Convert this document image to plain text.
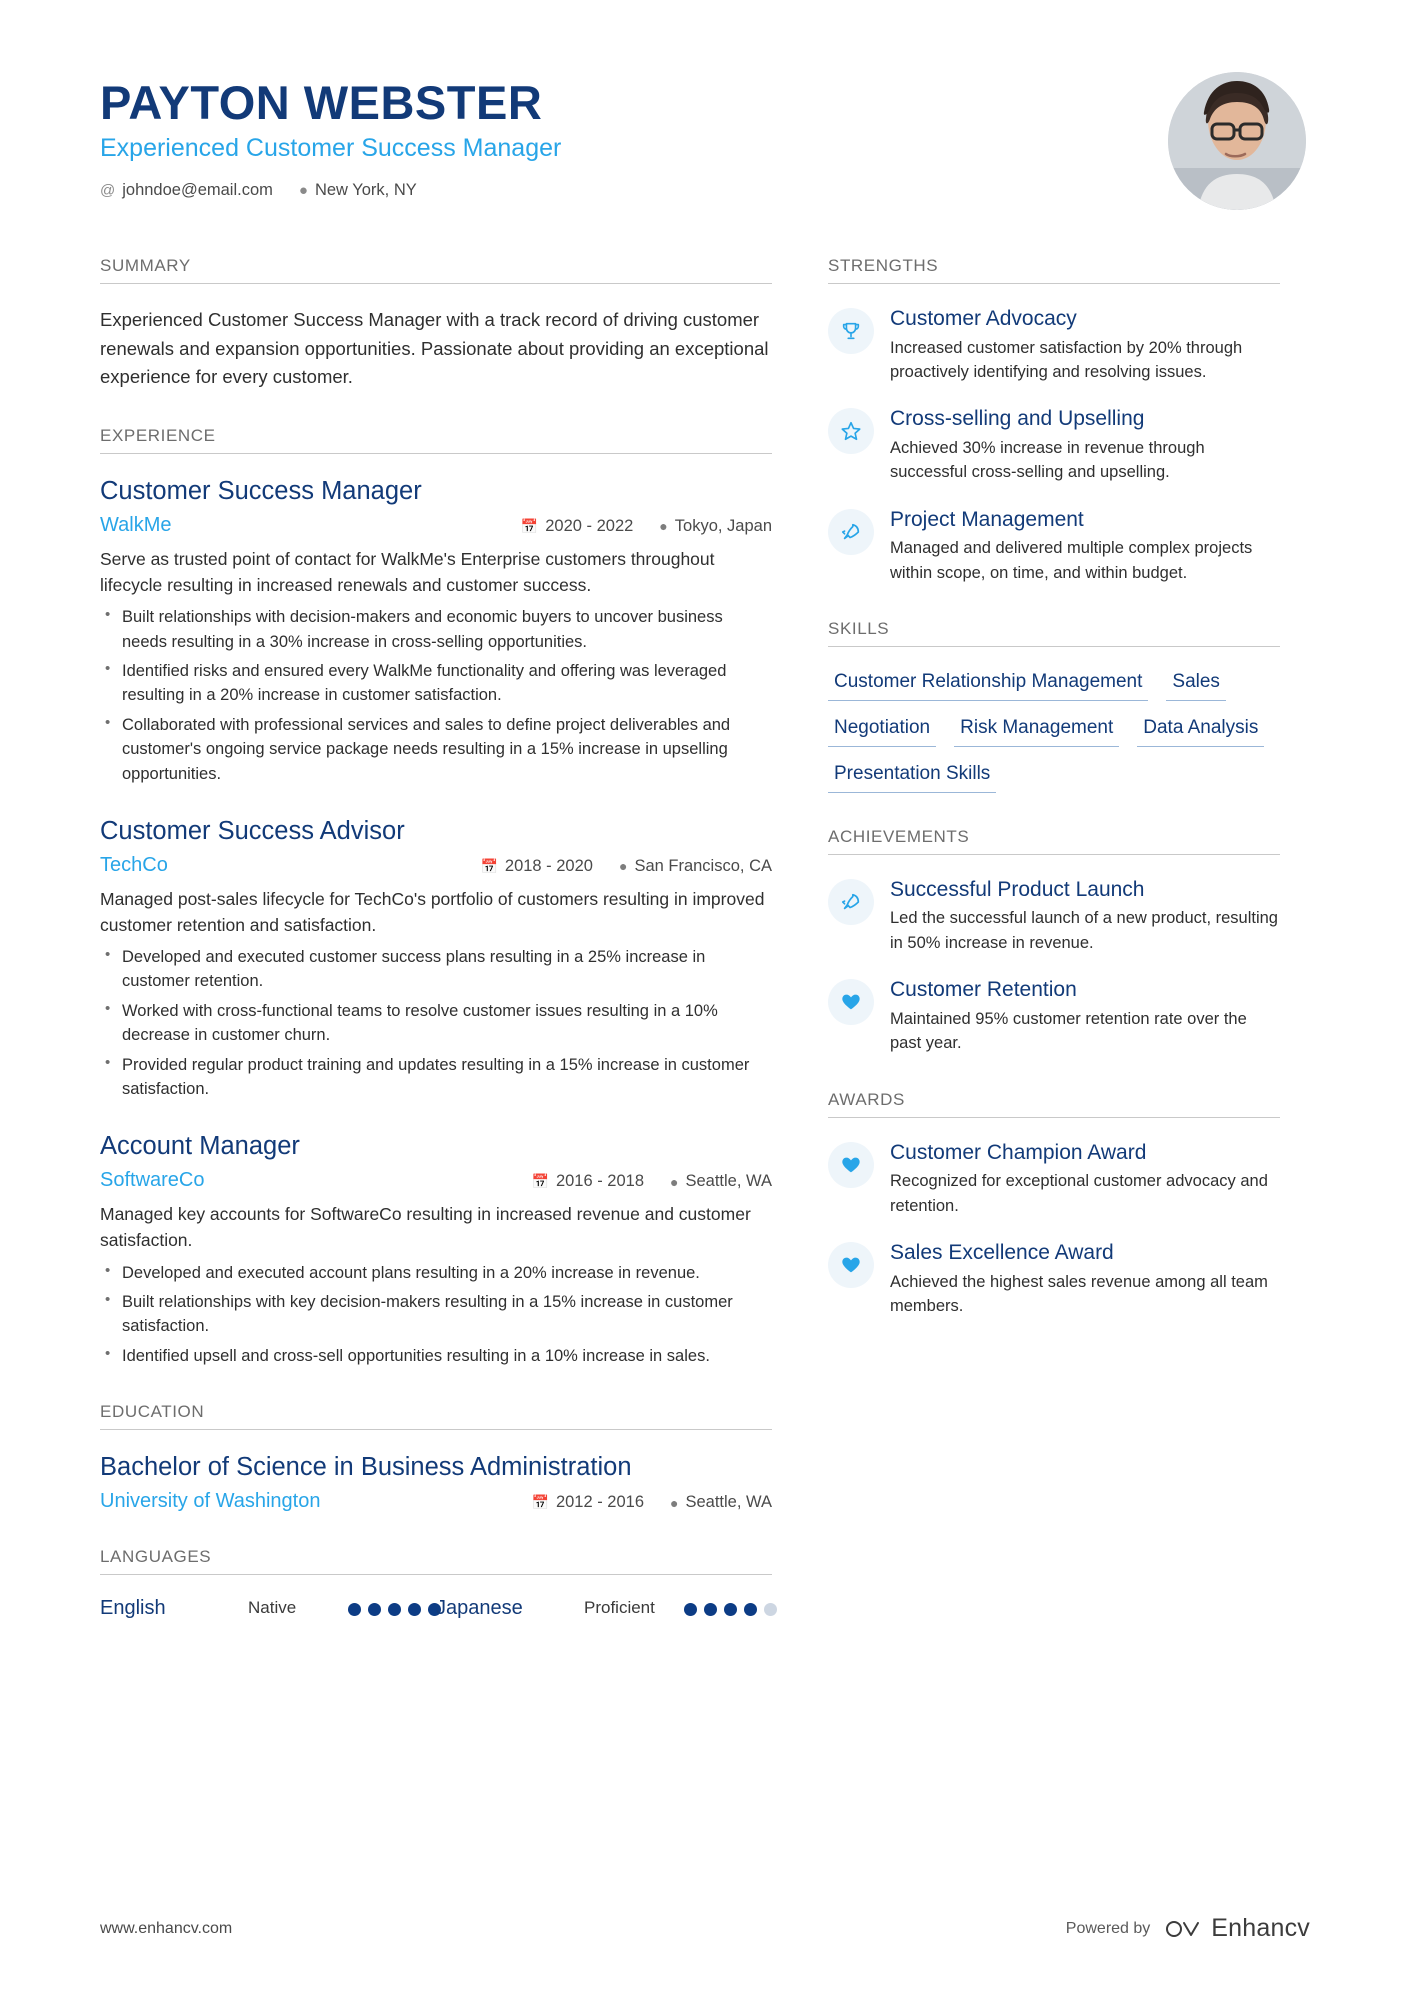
PAYTON WEBSTER
Experienced Customer Success Manager
@ johndoe@email.com ● New York, NY
SUMMARY
Experienced Customer Success Manager with a track record of driving customer renewals and expansion opportunities. Passionate about providing an exceptional experience for every customer.
EXPERIENCE
Customer Success Manager
WalkMe	📅 2020 - 2022 ● Tokyo, Japan
Serve as trusted point of contact for WalkMe's Enterprise customers throughout lifecycle resulting in increased renewals and customer success.
• Built relationships with decision-makers and economic buyers to uncover business needs resulting in a 30% increase in cross-selling opportunities.
• Identified risks and ensured every WalkMe functionality and offering was leveraged resulting in a 20% increase in customer satisfaction.
• Collaborated with professional services and sales to define project deliverables and customer's ongoing service package needs resulting in a 15% increase in upselling opportunities.
Customer Success Advisor
TechCo	📅 2018 - 2020 ● San Francisco, CA
Managed post-sales lifecycle for TechCo's portfolio of customers resulting in improved customer retention and satisfaction.
• Developed and executed customer success plans resulting in a 25% increase in customer retention.
• Worked with cross-functional teams to resolve customer issues resulting in a 10% decrease in customer churn.
• Provided regular product training and updates resulting in a 15% increase in customer satisfaction.
Account Manager
SoftwareCo	📅 2016 - 2018 ● Seattle, WA
Managed key accounts for SoftwareCo resulting in increased revenue and customer satisfaction.
• Developed and executed account plans resulting in a 20% increase in revenue.
• Built relationships with key decision-makers resulting in a 15% increase in customer satisfaction.
• Identified upsell and cross-sell opportunities resulting in a 10% increase in sales.
EDUCATION
Bachelor of Science in Business Administration
University of Washington	📅 2012 - 2016 ● Seattle, WA
LANGUAGES
English	Native	Japanese	Proficient
STRENGTHS
Customer Advocacy
Increased customer satisfaction by 20% through proactively identifying and resolving issues.
Cross-selling and Upselling
Achieved 30% increase in revenue through successful cross-selling and upselling.
Project Management
Managed and delivered multiple complex projects within scope, on time, and within budget.
SKILLS
Customer Relationship Management	Sales
Negotiation	Risk Management	Data Analysis
Presentation Skills
ACHIEVEMENTS
Successful Product Launch
Led the successful launch of a new product, resulting in 50% increase in revenue.
Customer Retention
Maintained 95% customer retention rate over the past year.
AWARDS
Customer Champion Award
Recognized for exceptional customer advocacy and retention.
Sales Excellence Award
Achieved the highest sales revenue among all team members.
www.enhancv.com	Powered by Enhancv
